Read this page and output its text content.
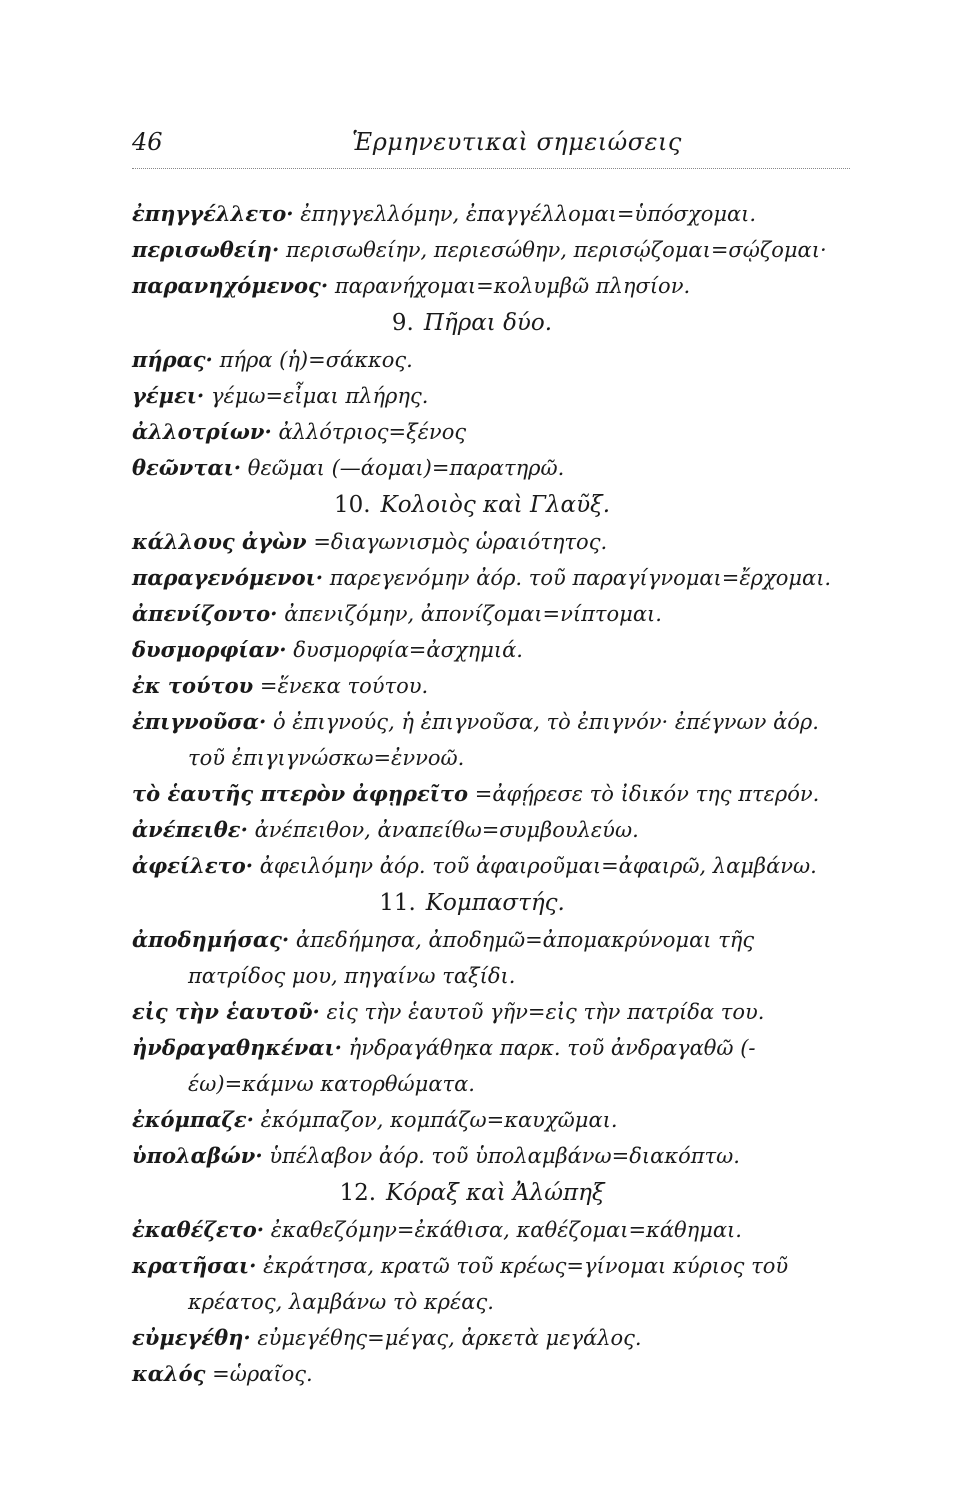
46	Ἑρμηνευτικαὶ σημειώσεις
ἐπηγγέλλετο· ἐπηγγελλόμην, ἐπαγγέλλομαι=ὑπόσχομαι.
περισωθείη· περισωθείην, περιεσώθην, περισῴζομαι=σῴζομαι·
παρανηχόμενος· παρανήχομαι=κολυμβῶ πλησίον.
9. Πῆραι δύο.
πήρας· πήρα (ἡ)=σάκκος.
γέμει· γέμω=εἶμαι πλήρης.
ἀλλοτρίων· ἀλλότριος=ξένος
θεῶνται· θεῶμαι (—άομαι)=παρατηρῶ.
10. Κολοιὸς καὶ Γλαῦξ.
κάλλους ἀγὼν =διαγωνισμὸς ὡραιότητος.
παραγενόμενοι· παρεγενόμην ἀόρ. τοῦ παραγίγνομαι=ἔρχομαι.
ἀπενίζοντο· ἀπενιζόμην, ἀπονίζομαι=νίπτομαι.
δυσμορφίαν· δυσμορφία=ἀσχημιά.
ἐκ τούτου =ἕνεκα τούτου.
ἐπιγνοῦσα· ὁ ἐπιγνούς, ἡ ἐπιγνοῦσα, τὸ ἐπιγνόν· ἐπέγνων ἀόρ. τοῦ ἐπιγιγνώσκω=ἐννοῶ.
τὸ ἑαυτῆς πτερὸν ἀφῃρεῖτο =ἀφῄρεσε τὸ ἰδικόν της πτερόν.
ἀνέπειθε· ἀνέπειθον, ἀναπείθω=συμβουλεύω.
ἀφείλετο· ἀφειλόμην ἀόρ. τοῦ ἀφαιροῦμαι=ἀφαιρῶ, λαμβάνω.
11. Κομπαστής.
ἀποδημήσας· ἀπεδήμησα, ἀποδημῶ=ἀπομακρύνομαι τῆς πατρίδος μου, πηγαίνω ταξίδι.
εἰς τὴν ἑαυτοῦ· εἰς τὴν ἑαυτοῦ γῆν=εἰς τὴν πατρίδα του.
ἠνδραγαθηκέναι· ἠνδραγάθηκα παρκ. τοῦ ἀνδραγαθῶ (-έω)=κάμνω κατορθώματα.
ἐκόμπαζε· ἐκόμπαζον, κομπάζω=καυχῶμαι.
ὑπολαβών· ὑπέλαβον ἀόρ. τοῦ ὑπολαμβάνω=διακόπτω.
12. Κόραξ καὶ Ἀλώπηξ
ἐκαθέζετο· ἐκαθεζόμην=ἐκάθισα, καθέζομαι=κάθημαι.
κρατῆσαι· ἐκράτησα, κρατῶ τοῦ κρέως=γίνομαι κύριος τοῦ κρέατος, λαμβάνω τὸ κρέας.
εὐμεγέθη· εὐμεγέθης=μέγας, ἀρκετὰ μεγάλος.
καλός =ὡραῖος.
